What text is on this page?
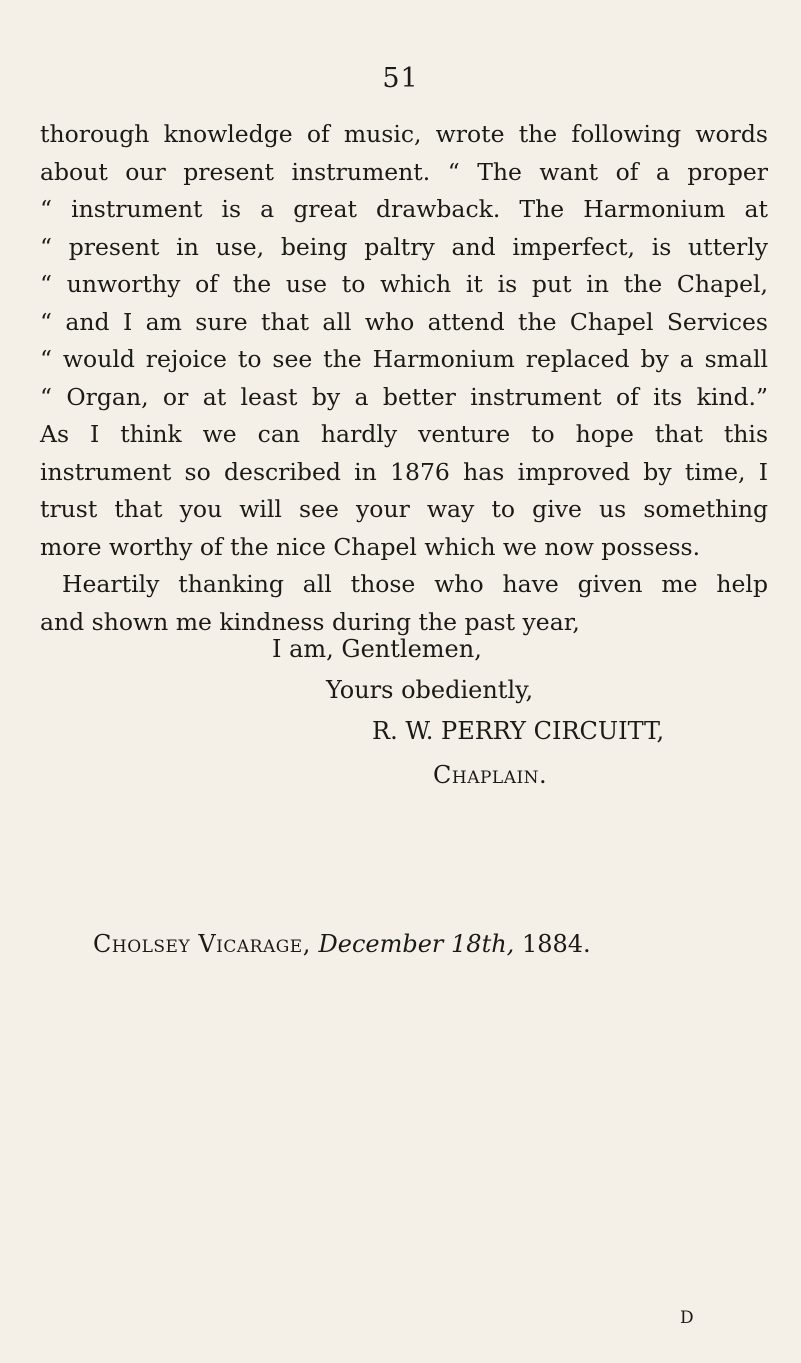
51
thorough knowledge of music, wrote the following words
about our present instrument. “ The want of a proper
“ instrument is a great drawback. The Harmonium at
“ present in use, being paltry and imperfect, is utterly
“ unworthy of the use to which it is put in the Chapel,
“ and I am sure that all who attend the Chapel Services
“ would rejoice to see the Harmonium replaced by a small
“ Organ, or at least by a better instrument of its kind.”
As I think we can hardly venture to hope that this
instrument so described in 1876 has improved by time, I
trust that you will see your way to give us something
more worthy of the nice Chapel which we now possess.
Heartily thanking all those who have given me help
and shown me kindness during the past year,
I am, Gentlemen,
Yours obediently,
R. W. PERRY CIRCUITT,
Chaplain.
Cholsey Vicarage, December 18th, 1884.
D
